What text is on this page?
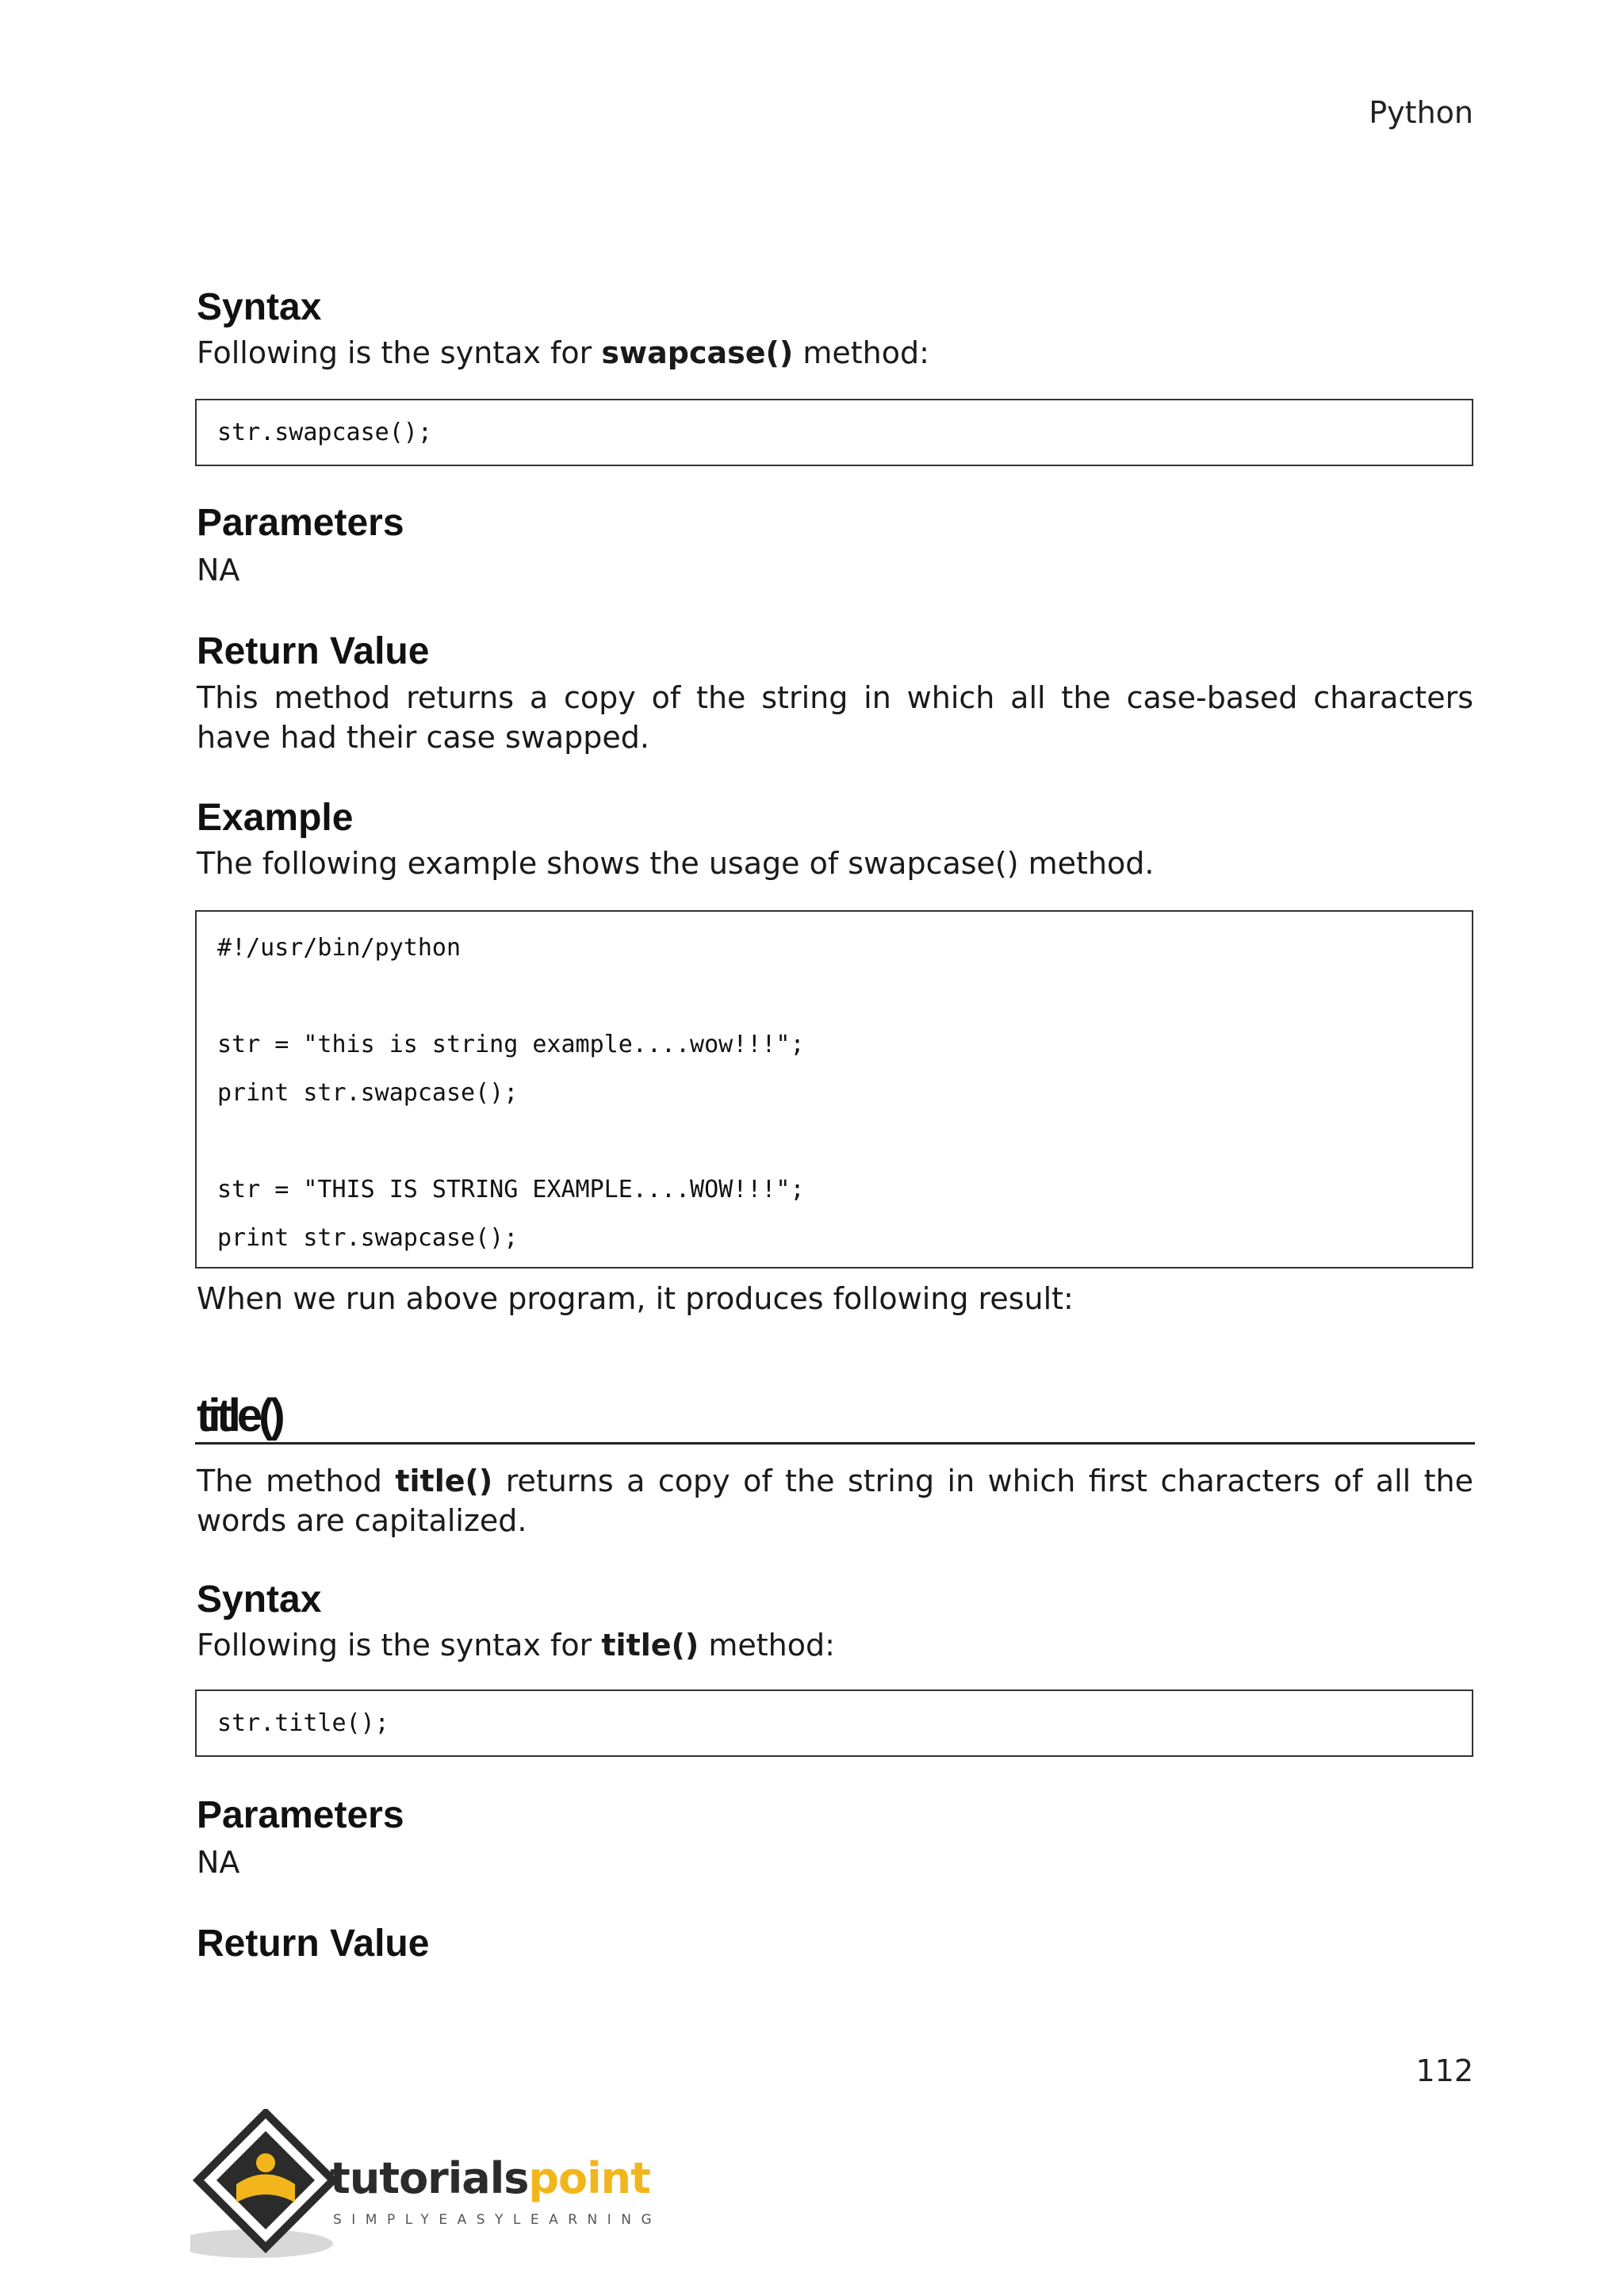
Python
Syntax
Following is the syntax for swapcase() method:
str.swapcase();
Parameters
NA
Return Value
This method returns a copy of the string in which all the case-based characters have had their case swapped.
Example
The following example shows the usage of swapcase() method.
#!/usr/bin/python
str = "this is string example....wow!!!";
print str.swapcase();
str = "THIS IS STRING EXAMPLE....WOW!!!";
print str.swapcase();
When we run above program, it produces following result:
title()
The method title() returns a copy of the string in which first characters of all the words are capitalized.
Syntax
Following is the syntax for title() method:
str.title();
Parameters
NA
Return Value
112
tutorialspoint
SIMPLYEASYLEARNING
